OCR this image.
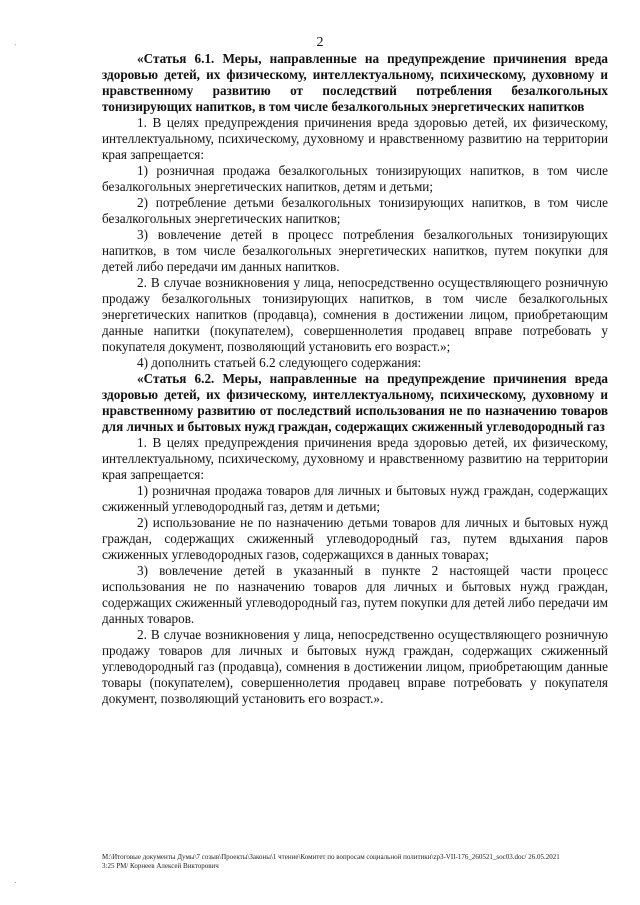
2
´
·

«Статья 6.1. Меры, направленные на предупреждение причинения вреда здоровью детей, их физическому, интеллектуальному, психическому, духовному и нравственному развитию от последствий потребления безалкогольных тонизирующих напитков, в том числе безалкогольных энергетических напитков

1. В целях предупреждения причинения вреда здоровью детей, их физическому, интеллектуальному, психическому, духовному и нравственному развитию на территории края запрещается:

1) розничная продажа безалкогольных тонизирующих напитков, в том числе безалкогольных энергетических напитков, детям и детьми;

2) потребление детьми безалкогольных тонизирующих напитков, в том числе безалкогольных энергетических напитков;

3) вовлечение детей в процесс потребления безалкогольных тонизирующих напитков, в том числе безалкогольных энергетических напитков, путем покупки для детей либо передачи им данных напитков.

2. В случае возникновения у лица, непосредственно осуществляющего розничную продажу безалкогольных тонизирующих напитков, в том числе безалкогольных энергетических напитков (продавца), сомнения в достижении лицом, приобретающим данные напитки (покупателем), совершеннолетия продавец вправе потребовать у покупателя документ, позволяющий установить его возраст.»;

4) дополнить статьей 6.2 следующего содержания:

«Статья 6.2. Меры, направленные на предупреждение причинения вреда здоровью детей, их физическому, интеллектуальному, психическому, духовному и нравственному развитию от последствий использования не по назначению товаров для личных и бытовых нужд граждан, содержащих сжиженный углеводородный газ

1. В целях предупреждения причинения вреда здоровью детей, их физическому, интеллектуальному, психическому, духовному и нравственному развитию на территории края запрещается:

1) розничная продажа товаров для личных и бытовых нужд граждан, содержащих сжиженный углеводородный газ, детям и детьми;

2) использование не по назначению детьми товаров для личных и бытовых нужд граждан, содержащих сжиженный углеводородный газ, путем вдыхания паров сжиженных углеводородных газов, содержащихся в данных товарах;

3) вовлечение детей в указанный в пункте 2 настоящей части процесс использования не по назначению товаров для личных и бытовых нужд граждан, содержащих сжиженный углеводородный газ, путем покупки для детей либо передачи им данных товаров.

2. В случае возникновения у лица, непосредственно осуществляющего розничную продажу товаров для личных и бытовых нужд граждан, содержащих сжиженный углеводородный газ (продавца), сомнения в достижении лицом, приобретающим данные товары (покупателем), совершеннолетия продавец вправе потребовать у покупателя документ, позволяющий установить его возраст.».

M:\Итоговые документы Думы\7 созыв\Проекты\Законы\1 чтение\Комитет по вопросам социальной политики\zp3-VII-176_260521_soc03.doc/ 26.05.2021
3:25 PM/ Корнеев Алексей Викторович
